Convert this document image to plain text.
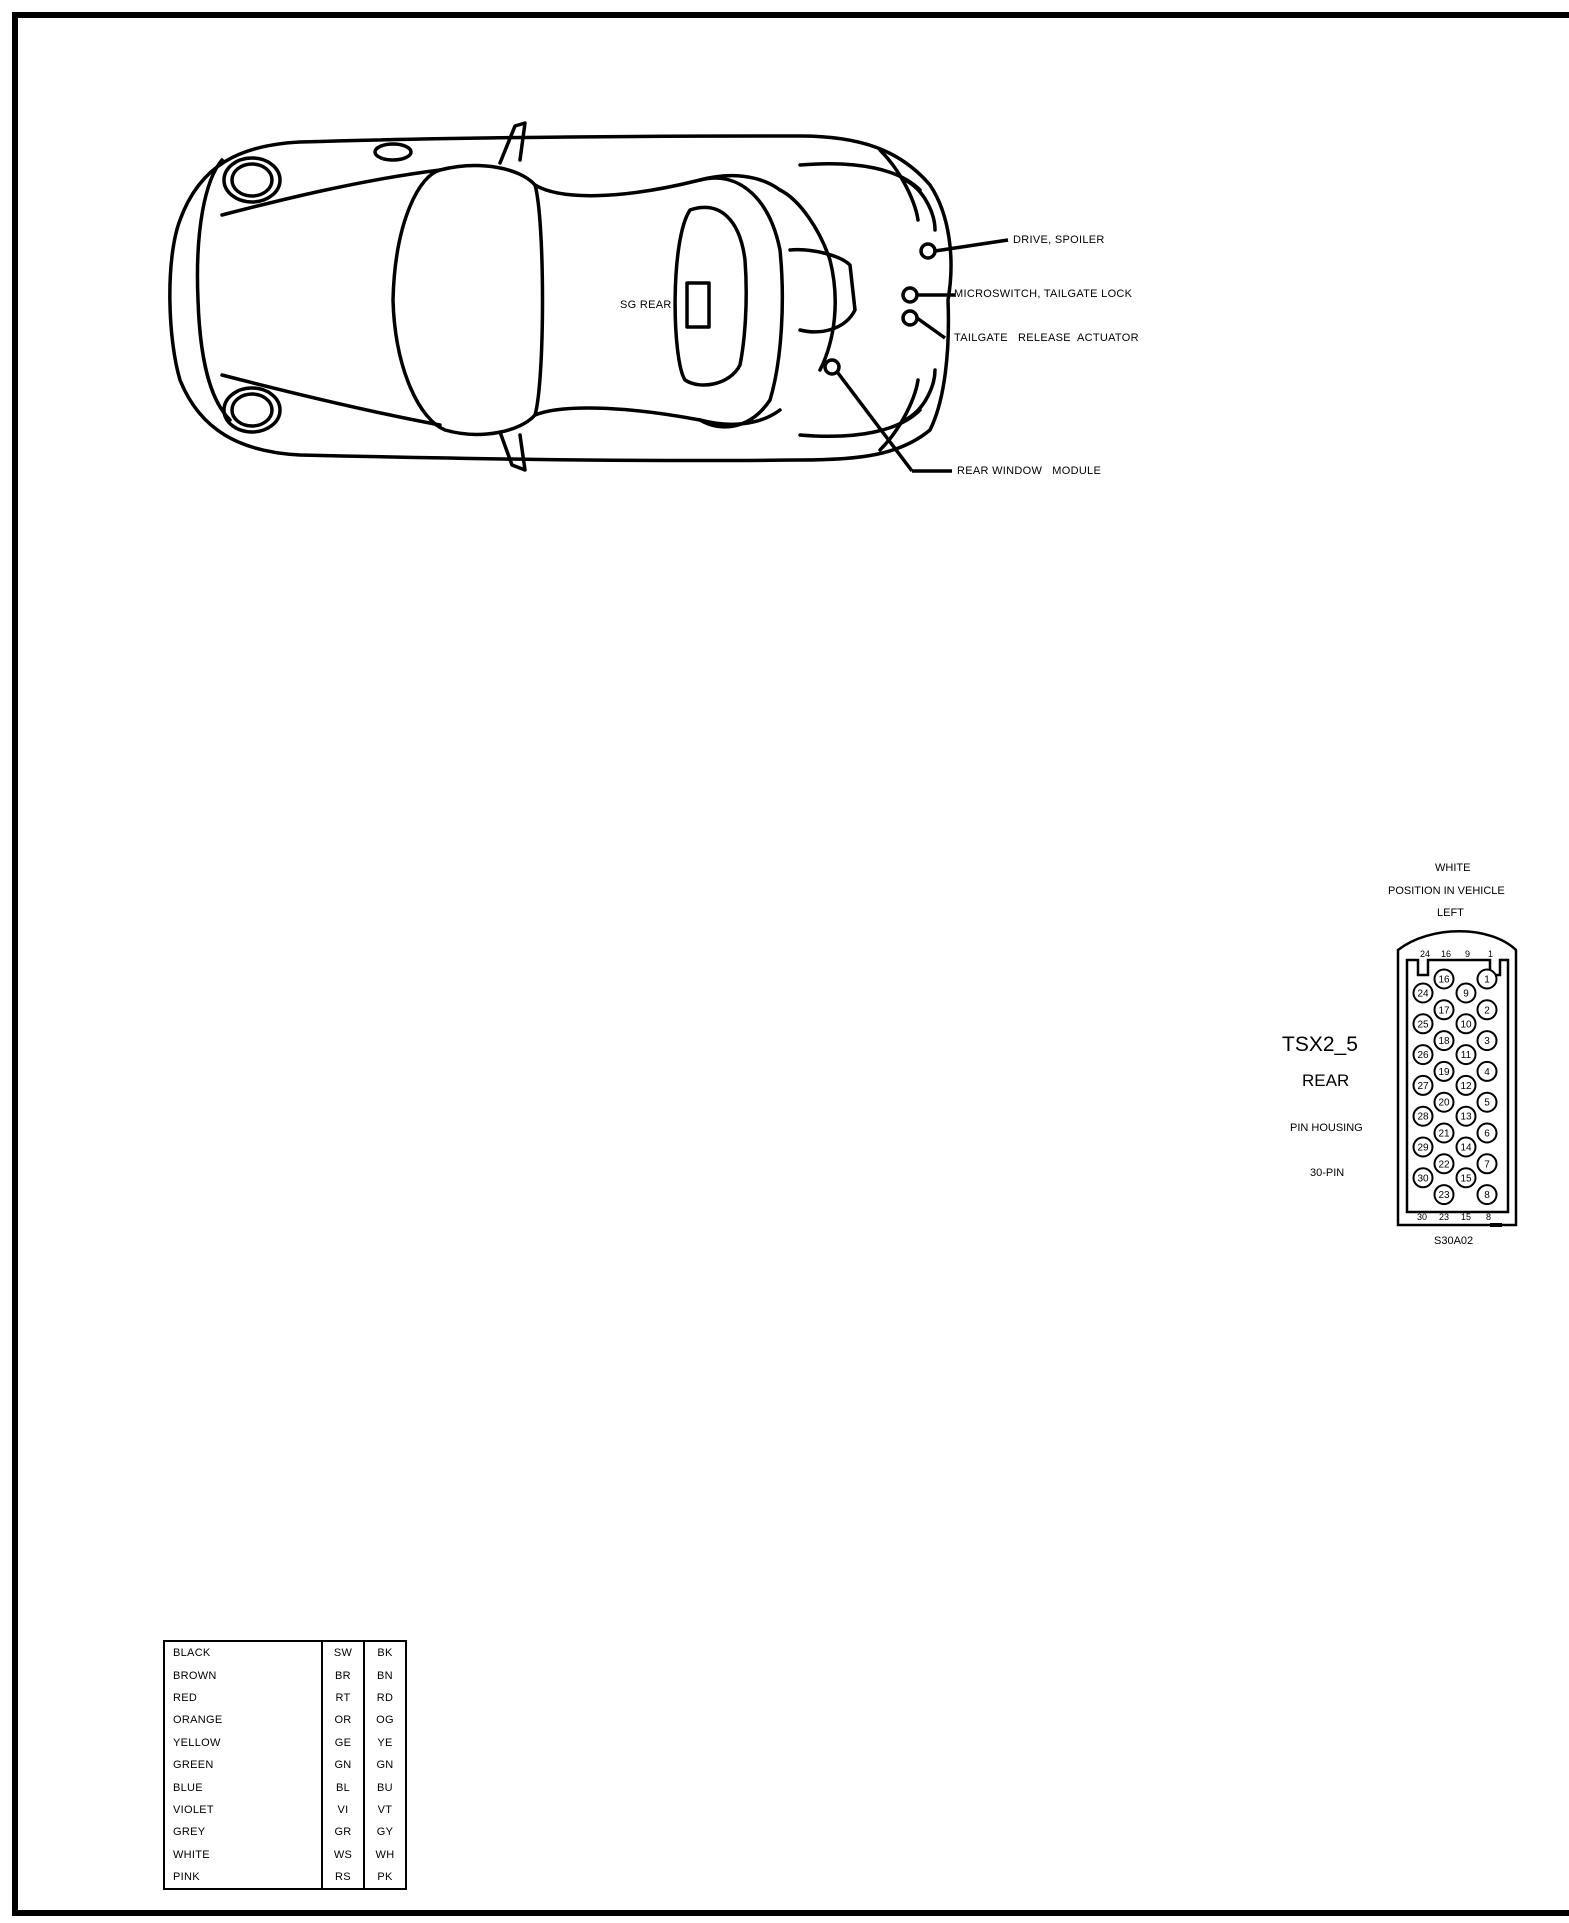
1
2
3
4
5
6
7
8
9
10
11
12
13
14
15
16
17
18
19
20
21
22
23
24
25
26
27
28
29
30
DRIVE, SPOILER
MICROSWITCH, TAILGATE LOCK
TAILGATE   RELEASE  ACTUATOR
REAR WINDOW   MODULE
SG REAR
WHITE
POSITION IN VEHICLE
LEFT
TSX2_5
REAR
PIN HOUSING
30-PIN
S30A02
24 16 9 1
30 23 15 8
BLACK	SW	BK
BROWN	BR	BN
RED	RT	RD
ORANGE	OR	OG
YELLOW	GE	YE
GREEN	GN	GN
BLUE	BL	BU
VIOLET	VI	VT
GREY	GR	GY
WHITE	WS	WH
PINK	RS	PK
